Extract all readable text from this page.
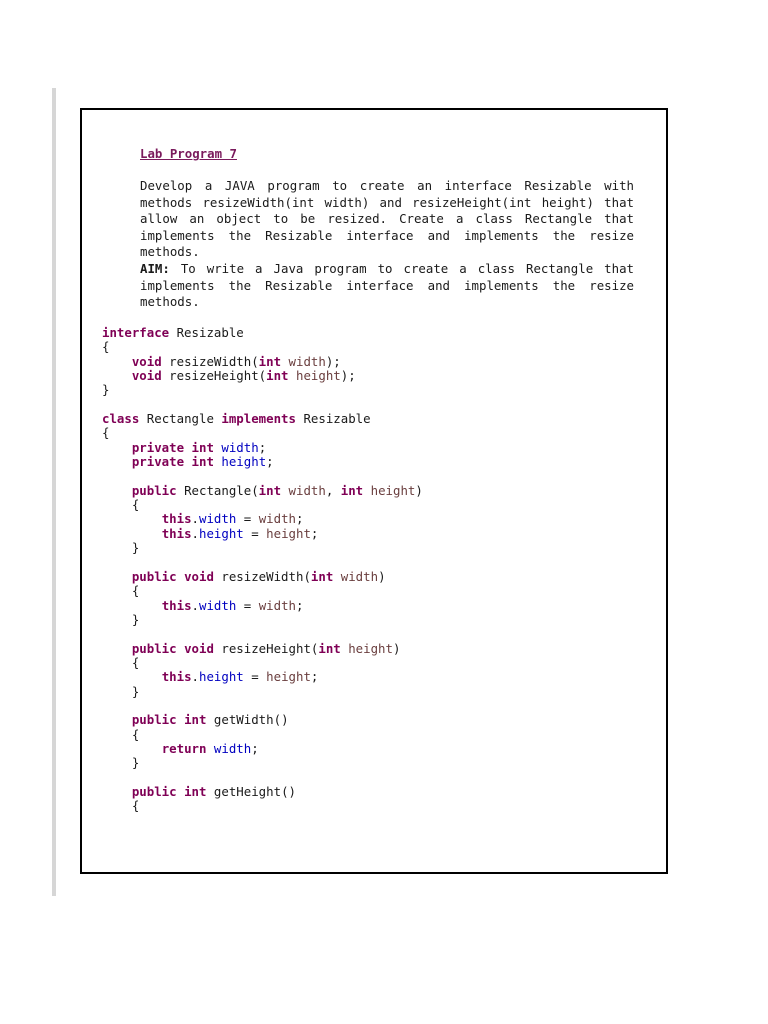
Lab Program 7

Develop a JAVA program to create an interface Resizable with methods resizeWidth(int width) and resizeHeight(int height) that allow an object to be resized. Create a class Rectangle that implements the Resizable interface and implements the resize methods.

AIM: To write a Java program to create a class Rectangle that implements the Resizable interface and implements the resize methods.

interface Resizable
{
void resizeWidth(int width);
void resizeHeight(int height);
}

class Rectangle implements Resizable
{
private int width;
private int height;

public Rectangle(int width, int height)
{
this.width = width;
this.height = height;
}

public void resizeWidth(int width)
{
this.width = width;
}

public void resizeHeight(int height)
{
this.height = height;
}

public int getWidth()
{
return width;
}

public int getHeight()
{
